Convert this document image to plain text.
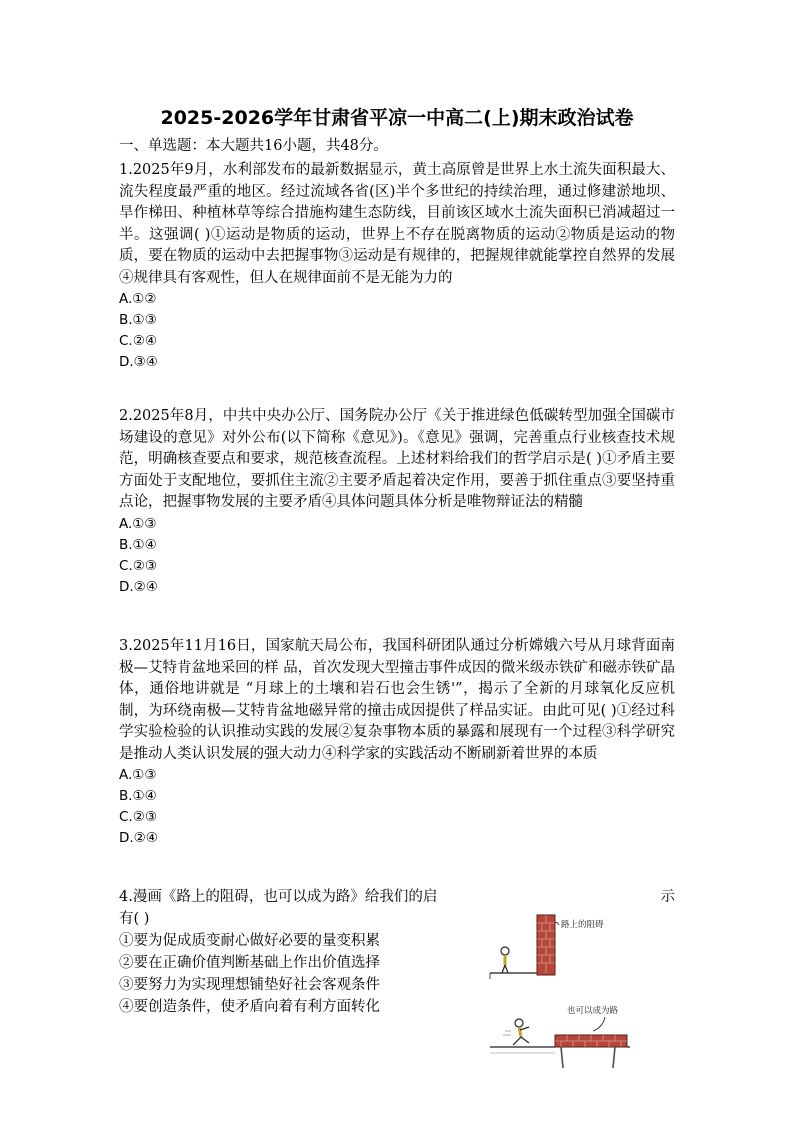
2025-2026学年甘肃省平凉一中高二(上)期末政治试卷
一、单选题：本大题共16小题，共48分。

1.2025年9月，水利部发布的最新数据显示，黄土高原曾是世界上水土流失面积最大、流失程度最严重的地区。经过流域各省(区)半个多世纪的持续治理，通过修建淤地坝、旱作梯田、种植林草等综合措施构建生态防线，目前该区域水土流失面积已消减超过一半。这强调( )①运动是物质的运动，世界上不存在脱离物质的运动②物质是运动的物质，要在物质的运动中去把握事物③运动是有规律的，把握规律就能掌控自然界的发展④规律具有客观性，但人在规律面前不是无能为力的

A.①②
B.①③
C.②④
D.③④

2.2025年8月，中共中央办公厅、国务院办公厅《关于推进绿色低碳转型加强全国碳市场建设的意见》对外公布(以下简称《意见》)。《意见》强调，完善重点行业核查技术规范，明确核查要点和要求，规范核查流程。上述材料给我们的哲学启示是( )①矛盾主要方面处于支配地位，要抓住主流②主要矛盾起着决定作用，要善于抓住重点③要坚持重点论，把握事物发展的主要矛盾④具体问题具体分析是唯物辩证法的精髓

A.①③
B.①④
C.②③
D.②④

3.2025年11月16日，国家航天局公布，我国科研团队通过分析嫦娥六号从月球背面南极—艾特肯盆地采回的样 品，首次发现大型撞击事件成因的微米级赤铁矿和磁赤铁矿晶体，通俗地讲就是 “月球上的土壤和岩石也会生锈'”，揭示了全新的月球氧化反应机制，为环绕南极—艾特肯盆地磁异常的撞击成因提供了样品实证。由此可见( )①经过科学实验检验的认识推动实践的发展②复杂事物本质的暴露和展现有一个过程③科学研究是推动人类认识发展的强大动力④科学家的实践活动不断刷新着世界的本质

A.①③
B.①④
C.②③
D.②④
4.漫画《路上的阻碍，也可以成为路》给我们的启	示
有( )

①要为促成质变耐心做好必要的量变积累

②要在正确价值判断基础上作出价值选择

③要努力为实现理想铺垫好社会客观条件

④要创造条件，使矛盾向着有利方面转化

路上的阻碍
也可以成为路
